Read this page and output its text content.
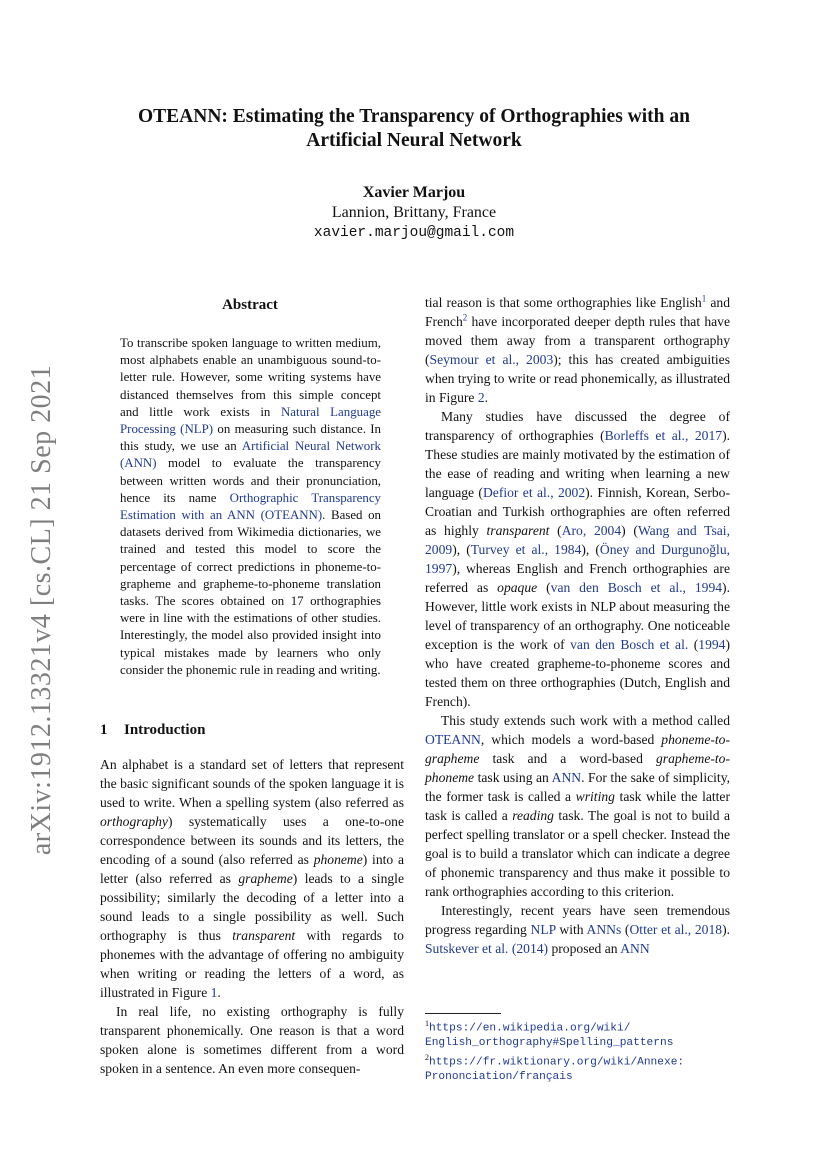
arXiv:1912.13321v4 [cs.CL] 21 Sep 2021
OTEANN: Estimating the Transparency of Orthographies with an
Artificial Neural Network
Xavier Marjou
Lannion, Brittany, France
xavier.marjou@gmail.com
Abstract
To transcribe spoken language to written medium, most alphabets enable an unambiguous sound-to-letter rule. However, some writing systems have distanced themselves from this simple concept and little work exists in Natural Language Processing (NLP) on measuring such distance. In this study, we use an Artificial Neural Network (ANN) model to evaluate the transparency between written words and their pronunciation, hence its name Orthographic Transparency Estimation with an ANN (OTEANN). Based on datasets derived from Wikimedia dictionaries, we trained and tested this model to score the percentage of correct predictions in phoneme-to-grapheme and grapheme-to-phoneme translation tasks. The scores obtained on 17 orthographies were in line with the estimations of other studies. Interestingly, the model also provided insight into typical mistakes made by learners who only consider the phonemic rule in reading and writing.
1 Introduction

An alphabet is a standard set of letters that represent the basic significant sounds of the spoken language it is used to write. When a spelling system (also referred as orthography) systematically uses a one-to-one correspondence between its sounds and its letters, the encoding of a sound (also referred as phoneme) into a letter (also referred as grapheme) leads to a single possibility; similarly the decoding of a letter into a sound leads to a single possibility as well. Such orthography is thus transparent with regards to phonemes with the advantage of offering no ambiguity when writing or reading the letters of a word, as illustrated in Figure 1.

In real life, no existing orthography is fully transparent phonemically. One reason is that a word spoken alone is sometimes different from a word spoken in a sentence. An even more consequen-

tial reason is that some orthographies like English$^1$ and French$^2$ have incorporated deeper depth rules that have moved them away from a transparent orthography (Seymour et al., 2003); this has created ambiguities when trying to write or read phonemically, as illustrated in Figure 2.

Many studies have discussed the degree of transparency of orthographies (Borleffs et al., 2017). These studies are mainly motivated by the estimation of the ease of reading and writing when learning a new language (Defior et al., 2002). Finnish, Korean, Serbo-Croatian and Turkish orthographies are often referred as highly transparent (Aro, 2004) (Wang and Tsai, 2009), (Turvey et al., 1984), (Öney and Durgunoğlu, 1997), whereas English and French orthographies are referred as opaque (van den Bosch et al., 1994). However, little work exists in NLP about measuring the level of transparency of an orthography. One noticeable exception is the work of van den Bosch et al. (1994) who have created grapheme-to-phoneme scores and tested them on three orthographies (Dutch, English and French).

This study extends such work with a method called OTEANN, which models a word-based phoneme-to-grapheme task and a word-based grapheme-to-phoneme task using an ANN. For the sake of simplicity, the former task is called a writing task while the latter task is called a reading task. The goal is not to build a perfect spelling translator or a spell checker. Instead the goal is to build a translator which can indicate a degree of phonemic transparency and thus make it possible to rank orthographies according to this criterion.

Interestingly, recent years have seen tremendous progress regarding NLP with ANNs (Otter et al., 2018). Sutskever et al. (2014) proposed an ANN

$^1$https://en.wikipedia.org/wiki/
English_orthography#Spelling_patterns
$^2$https://fr.wiktionary.org/wiki/Annexe:
Prononciation/français
